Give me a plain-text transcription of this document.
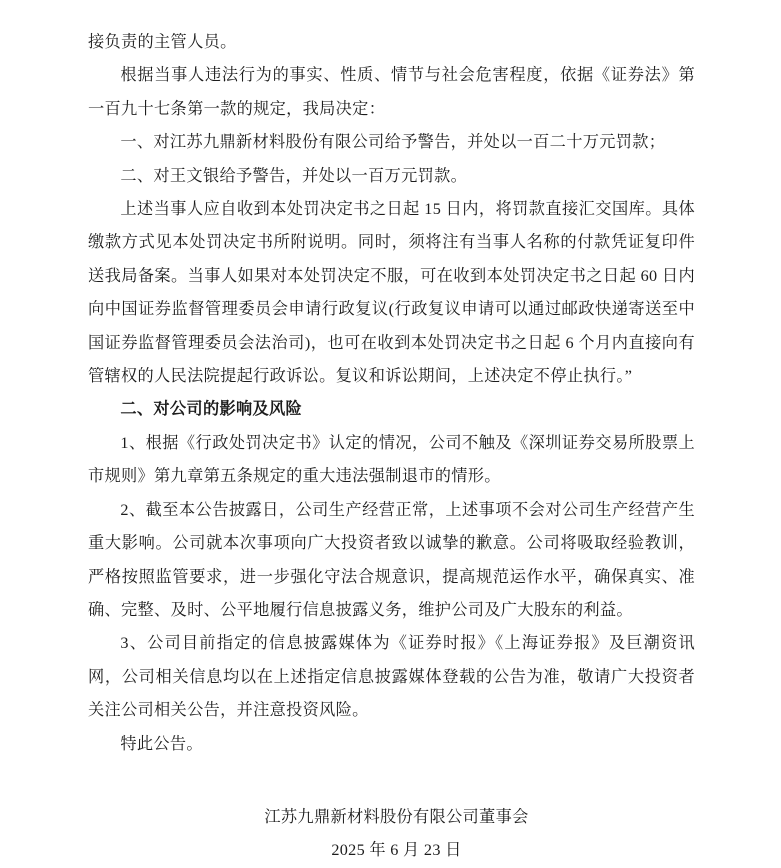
接负责的主管人员。

根据当事人违法行为的事实、性质、情节与社会危害程度，依据《证券法》第一百九十七条第一款的规定，我局决定：

一、对江苏九鼎新材料股份有限公司给予警告，并处以一百二十万元罚款；

二、对王文银给予警告，并处以一百万元罚款。

上述当事人应自收到本处罚决定书之日起 15 日内，将罚款直接汇交国库。具体缴款方式见本处罚决定书所附说明。同时，须将注有当事人名称的付款凭证复印件送我局备案。当事人如果对本处罚决定不服，可在收到本处罚决定书之日起 60 日内向中国证券监督管理委员会申请行政复议(行政复议申请可以通过邮政快递寄送至中国证券监督管理委员会法治司)，也可在收到本处罚决定书之日起 6 个月内直接向有管辖权的人民法院提起行政诉讼。复议和诉讼期间，上述决定不停止执行。”

二、对公司的影响及风险

1、根据《行政处罚决定书》认定的情况，公司不触及《深圳证券交易所股票上市规则》第九章第五条规定的重大违法强制退市的情形。

2、截至本公告披露日，公司生产经营正常，上述事项不会对公司生产经营产生重大影响。公司就本次事项向广大投资者致以诚挚的歉意。公司将吸取经验教训，严格按照监管要求，进一步强化守法合规意识，提高规范运作水平，确保真实、准确、完整、及时、公平地履行信息披露义务，维护公司及广大股东的利益。

3、公司目前指定的信息披露媒体为《证券时报》《上海证券报》及巨潮资讯网，公司相关信息均以在上述指定信息披露媒体登载的公告为准，敬请广大投资者关注公司相关公告，并注意投资风险。

特此公告。

江苏九鼎新材料股份有限公司董事会
2025 年 6 月 23 日
